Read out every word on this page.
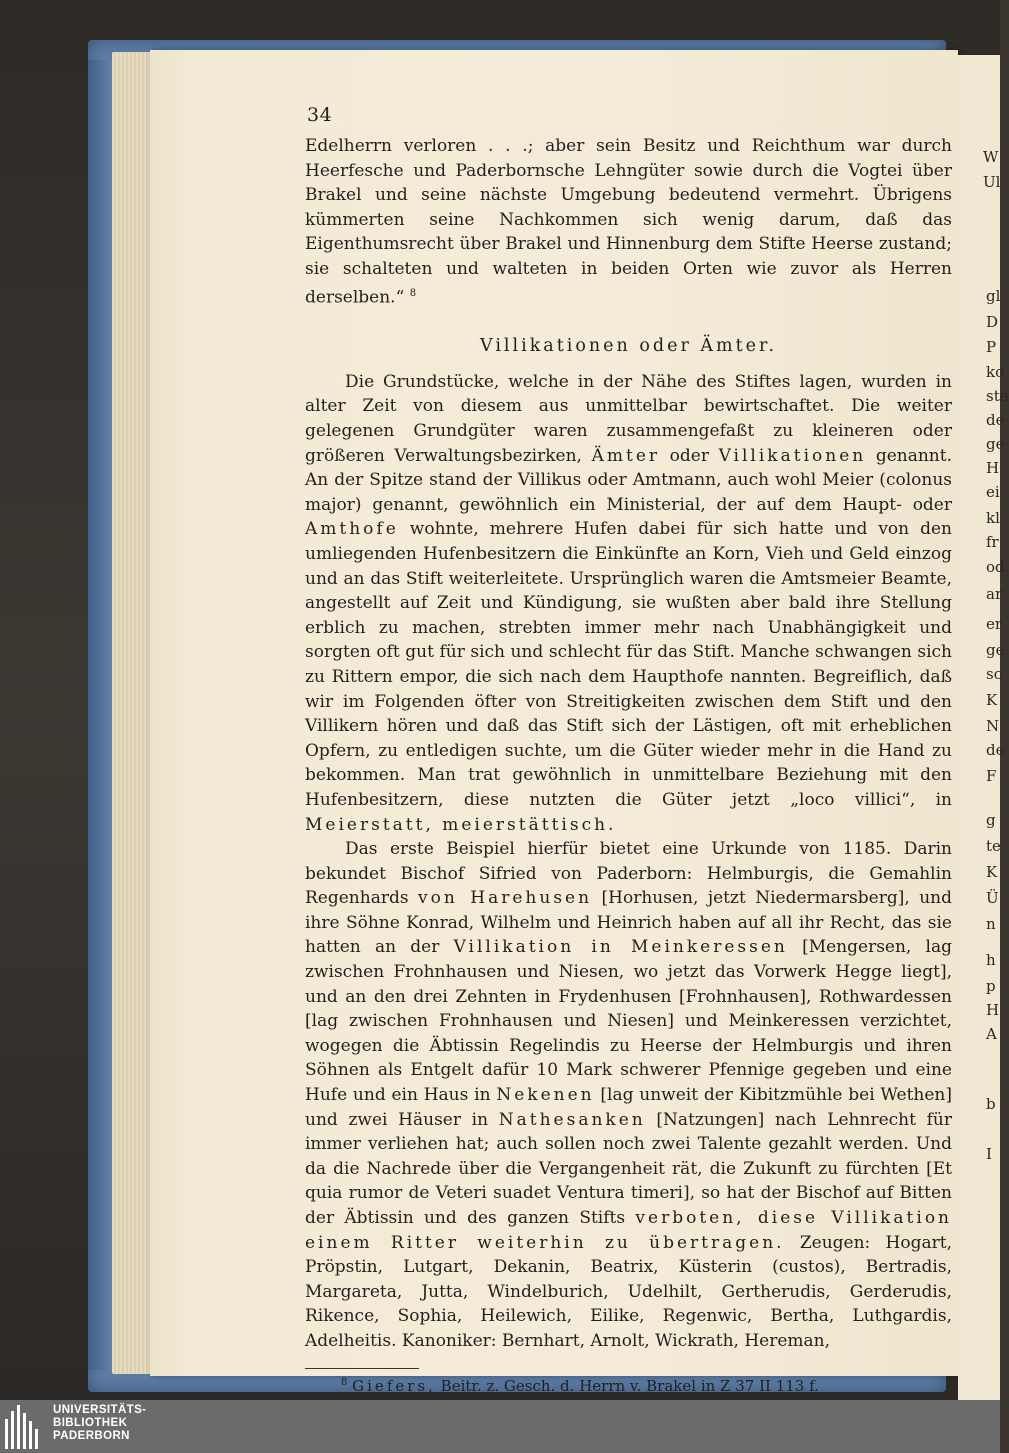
W
Ul
gl
D
P
ko
ste
de
ge
H
ei
kl
fr
od
ar
er
ge
sc
K
N
de
F
g
te
K
Ü
n
h
p
H
A
b
I
34

Edelherrn verloren . . .; aber sein Besitz und Reichthum war durch Heerfesche und Paderbornsche Lehngüter sowie durch die Vogtei über Brakel und seine nächste Umgebung bedeutend vermehrt. Übrigens kümmerten seine Nachkommen sich wenig darum, daß das Eigenthumsrecht über Brakel und Hinnenburg dem Stifte Heerse zustand; sie schalteten und walteten in beiden Orten wie zuvor als Herren derselben.“ $^8$

Villikationen oder Ämter.

Die Grundstücke, welche in der Nähe des Stiftes lagen, wurden in alter Zeit von diesem aus unmittelbar bewirtschaftet. Die weiter gelegenen Grundgüter waren zusammengefaßt zu kleineren oder größeren Verwaltungsbezirken, Ämter oder Villikationen genannt. An der Spitze stand der Villikus oder Amtmann, auch wohl Meier (colonus major) genannt, gewöhnlich ein Ministerial, der auf dem Haupt- oder Amthofe wohnte, mehrere Hufen dabei für sich hatte und von den umliegenden Hufenbesitzern die Einkünfte an Korn, Vieh und Geld einzog und an das Stift weiterleitete. Ursprünglich waren die Amtsmeier Beamte, angestellt auf Zeit und Kündigung, sie wußten aber bald ihre Stellung erblich zu machen, strebten immer mehr nach Unabhängigkeit und sorgten oft gut für sich und schlecht für das Stift. Manche schwangen sich zu Rittern empor, die sich nach dem Haupthofe nannten. Begreiflich, daß wir im Folgenden öfter von Streitigkeiten zwischen dem Stift und den Villikern hören und daß das Stift sich der Lästigen, oft mit erheblichen Opfern, zu entledigen suchte, um die Güter wieder mehr in die Hand zu bekommen. Man trat gewöhnlich in unmittelbare Beziehung mit den Hufenbesitzern, diese nutzten die Güter jetzt „loco villici“, in Meierstatt, meierstättisch.

Das erste Beispiel hierfür bietet eine Urkunde von 1185. Darin bekundet Bischof Sifried von Paderborn: Helmburgis, die Gemahlin Regenhards von Harehusen [Horhusen, jetzt Niedermarsberg], und ihre Söhne Konrad, Wilhelm und Heinrich haben auf all ihr Recht, das sie hatten an der Villikation in Meinkeressen [Mengersen, lag zwischen Frohnhausen und Niesen, wo jetzt das Vorwerk Hegge liegt], und an den drei Zehnten in Frydenhusen [Frohnhausen], Rothwardessen [lag zwischen Frohnhausen und Niesen] und Meinkeressen verzichtet, wogegen die Äbtissin Regelindis zu Heerse der Helmburgis und ihren Söhnen als Entgelt dafür 10 Mark schwerer Pfennige gegeben und eine Hufe und ein Haus in Nekenen [lag unweit der Kibitzmühle bei Wethen] und zwei Häuser in Nathesanken [Natzungen] nach Lehnrecht für immer verliehen hat; auch sollen noch zwei Talente gezahlt werden. Und da die Nachrede über die Vergangenheit rät, die Zukunft zu fürchten [Et quia rumor de Veteri suadet Ventura timeri], so hat der Bischof auf Bitten der Äbtissin und des ganzen Stifts verboten, diese Villikation einem Ritter weiterhin zu übertragen. Zeugen: Hogart, Pröpstin, Lutgart, Dekanin, Beatrix, Küsterin (custos), Bertradis, Margareta, Jutta, Windelburich, Udelhilt, Gertherudis, Gerderudis, Rikence, Sophia, Heilewich, Eilike, Regenwic, Bertha, Luthgardis, Adelheitis. Kanoniker: Bernhart, Arnolt, Wickrath, Hereman,

$^8$ Giefers, Beitr. z. Gesch. d. Herrn v. Brakel in Z 37 II 113 f.
UNIVERSITÄTS-
BIBLIOTHEK
PADERBORN
